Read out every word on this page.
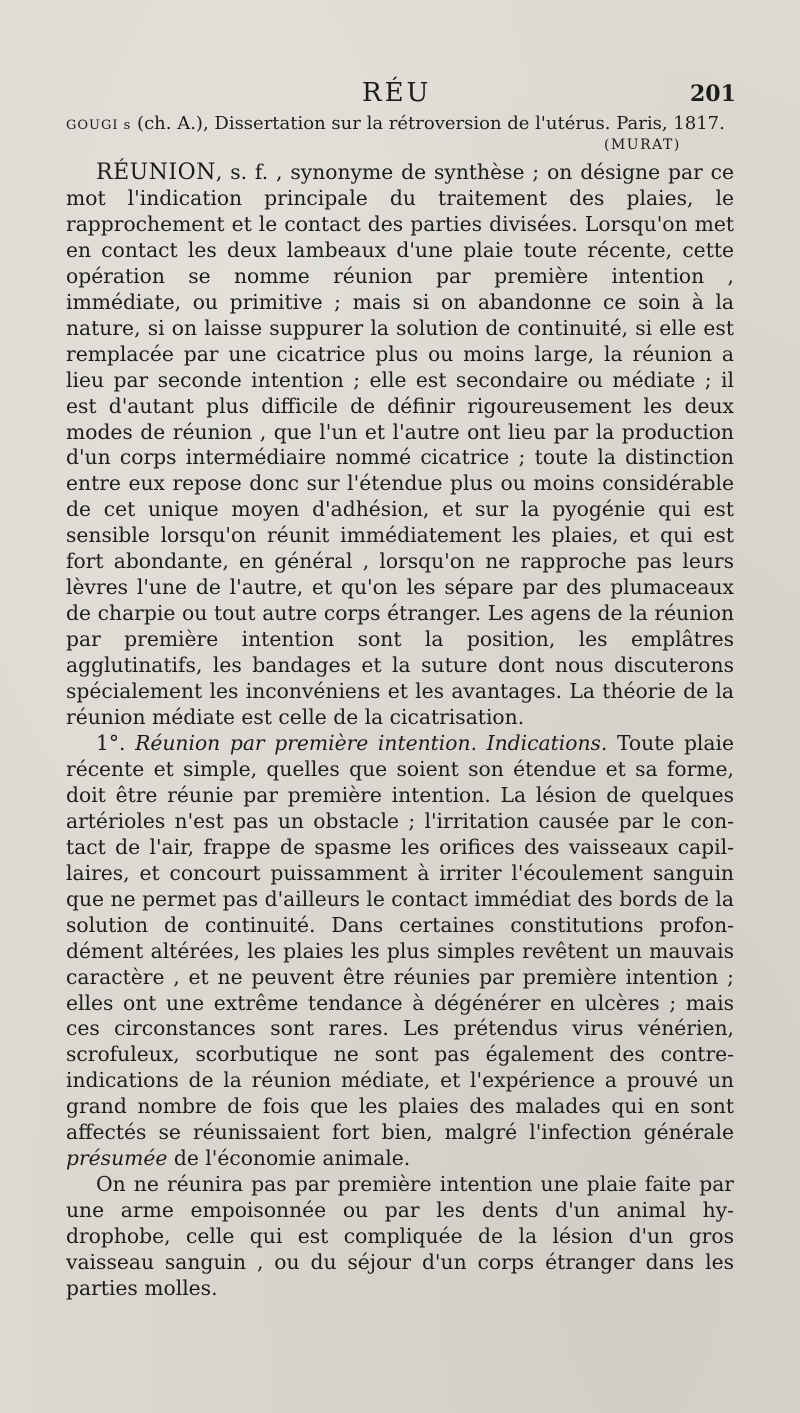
RÉU	201
GOUGI s (ch. A.), Dissertation sur la rétroversion de l'utérus. Paris, 1817.
(MURAT)

RÉUNION, s. f. , synonyme de synthèse ; on désigne par ce mot l'indication principale du traitement des plaies, le rapprochement et le contact des parties divisées. Lorsqu'on met en contact les deux lambeaux d'une plaie toute récente, cette opération se nomme réunion par première intention , immédiate, ou primitive ; mais si on abandonne ce soin à la nature, si on laisse suppurer la solution de continuité, si elle est remplacée par une cicatrice plus ou moins large, la réunion a lieu par seconde intention ; elle est secondaire ou médiate ; il est d'autant plus difficile de définir rigoureusement les deux modes de réunion , que l'un et l'autre ont lieu par la production d'un corps intermédiaire nommé cicatrice ; toute la distinction entre eux repose donc sur l'étendue plus ou moins considérable de cet unique moyen d'adhésion, et sur la pyogénie qui est sensible lorsqu'on réunit immédiatement les plaies, et qui est fort abondante, en général , lorsqu'on ne rapproche pas leurs lèvres l'une de l'autre, et qu'on les sépare par des plumaceaux de charpie ou tout autre corps étranger. Les agens de la réunion par première intention sont la position, les emplâtres agglutinatifs, les bandages et la suture dont nous discuterons spécialement les inconvéniens et les avantages. La théorie de la réunion médiate est celle de la cicatrisation.

1°. Réunion par première intention. Indications. Toute plaie récente et simple, quelles que soient son étendue et sa forme, doit être réunie par première intention. La lésion de quelques artérioles n'est pas un obstacle ; l'irritation causée par le contact de l'air, frappe de spasme les orifices des vaisseaux capillaires, et concourt puissamment à irriter l'écoulement sanguin que ne permet pas d'ailleurs le contact immédiat des bords de la solution de continuité. Dans certaines constitutions profondément altérées, les plaies les plus simples revêtent un mauvais caractère , et ne peuvent être réunies par première intention ; elles ont une extrême tendance à dégénérer en ulcères ; mais ces circonstances sont rares. Les prétendus virus vénérien, scrofuleux, scorbutique ne sont pas également des contre-indications de la réunion médiate, et l'expérience a prouvé un grand nombre de fois que les plaies des malades qui en sont affectés se réunissaient fort bien, malgré l'infection générale présumée de l'économie animale.

On ne réunira pas par première intention une plaie faite par une arme empoisonnée ou par les dents d'un animal hydrophobe, celle qui est compliquée de la lésion d'un gros vaisseau sanguin , ou du séjour d'un corps étranger dans les parties molles.
